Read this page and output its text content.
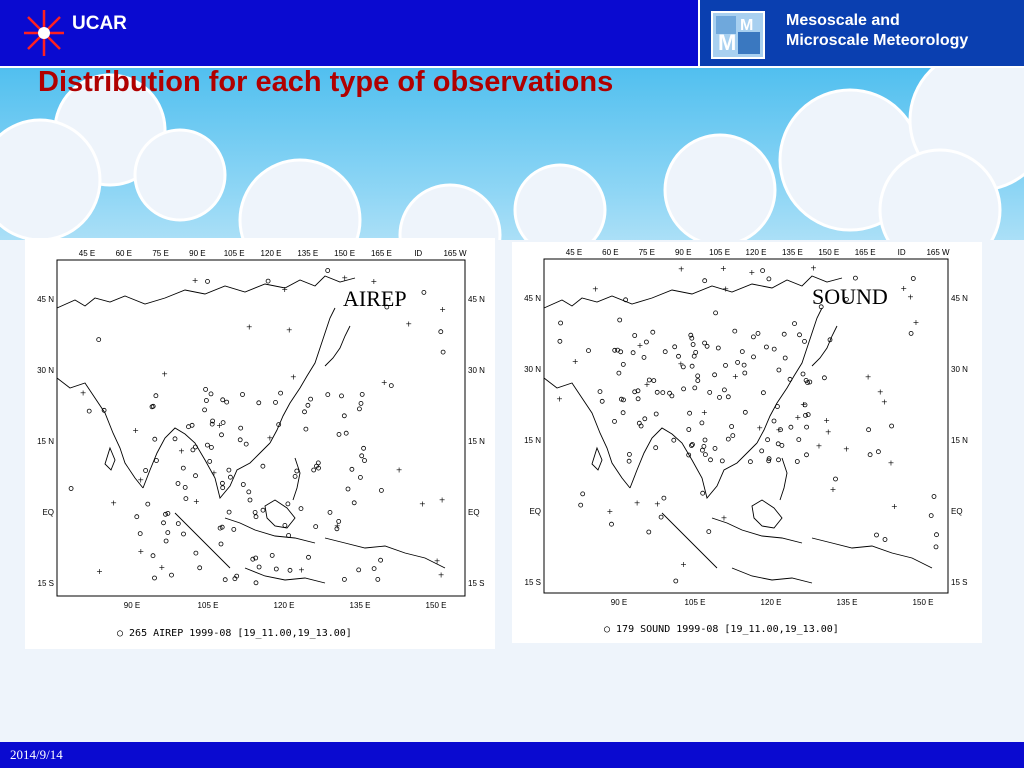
UCAR
M
M Mesoscale and
Microscale Meteorology
Distribution for each type of observations
45 E	60 E	75 E	90 E 105 E 120 E 135 E 150 E 165 E	ID	165 W
90 E	105 E	120 E	135 E	150 E
45 N
30 N
15 N
EQ
15 S
45 N
30 N
15 N
EQ
15 S
+
+
+
+
+
+
+
+
+
+
+
+
+
+
+
+
+
+
+
+
+
+
+
+
+
+
+
+
+
+ AIREP
○ 265 AIREP 1999-08 [19_11.00,19_13.00]
45 E 60 E 75 E 90 E 105 E 120 E 135 E 150 E 165 E	ID	165 W
90 E	105 E	120 E	135 E	150 E
45 N
30 N
15 N
EQ
15 S
45 N
30 N
15 N
EQ
15 S
+
+
+
+
+
+
+
+
+
+
+
+
+
+
+
+
+
+
+
+
+
+
+
+
+
+
+
+
+
+
+
+
+
+
+
SOUND
○ 179 SOUND 1999-08 [19_11.00,19_13.00]
2014/9/14
